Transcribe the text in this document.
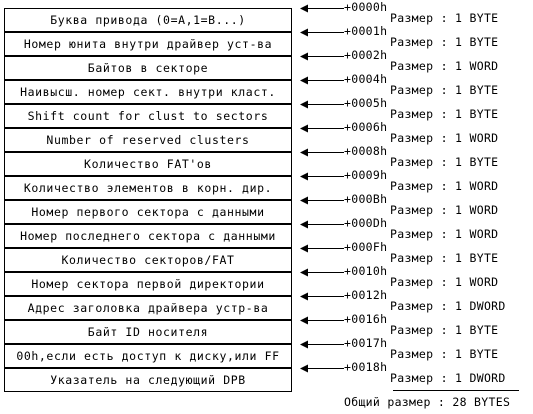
Буква привода (0=A,1=B...)
+0000h
Размер : 1 BYTE
Номер юнита внутри драйвер уст-ва
+0001h
Размер : 1 BYTE
Байтов в секторе
+0002h
Размер : 1 WORD
Наивысш. номер сект. внутри класт.
+0004h
Размер : 1 BYTE
Shift count for clust to sectors
+0005h
Размер : 1 BYTE
Number of reserved clusters
+0006h
Размер : 1 WORD
Количество FAT'ов
+0008h
Размер : 1 BYTE
Количество элементов в корн. дир.
+0009h
Размер : 1 WORD
Номер первого сектора с данными
+000Bh
Размер : 1 WORD
Номер последнего сектора с данными
+000Dh
Размер : 1 WORD
Количество секторов/FAT
+000Fh
Размер : 1 BYTE
Номер сектора первой директории
+0010h
Размер : 1 WORD
Адрес заголовка драйвера устр-ва
+0012h
Размер : 1 DWORD
Байт ID носителя
+0016h
Размер : 1 BYTE
00h,если есть доступ к диску,или FF
+0017h
Размер : 1 BYTE
Указатель на следующий DPB
+0018h
Размер : 1 DWORD
Общий размер : 28 BYTES
